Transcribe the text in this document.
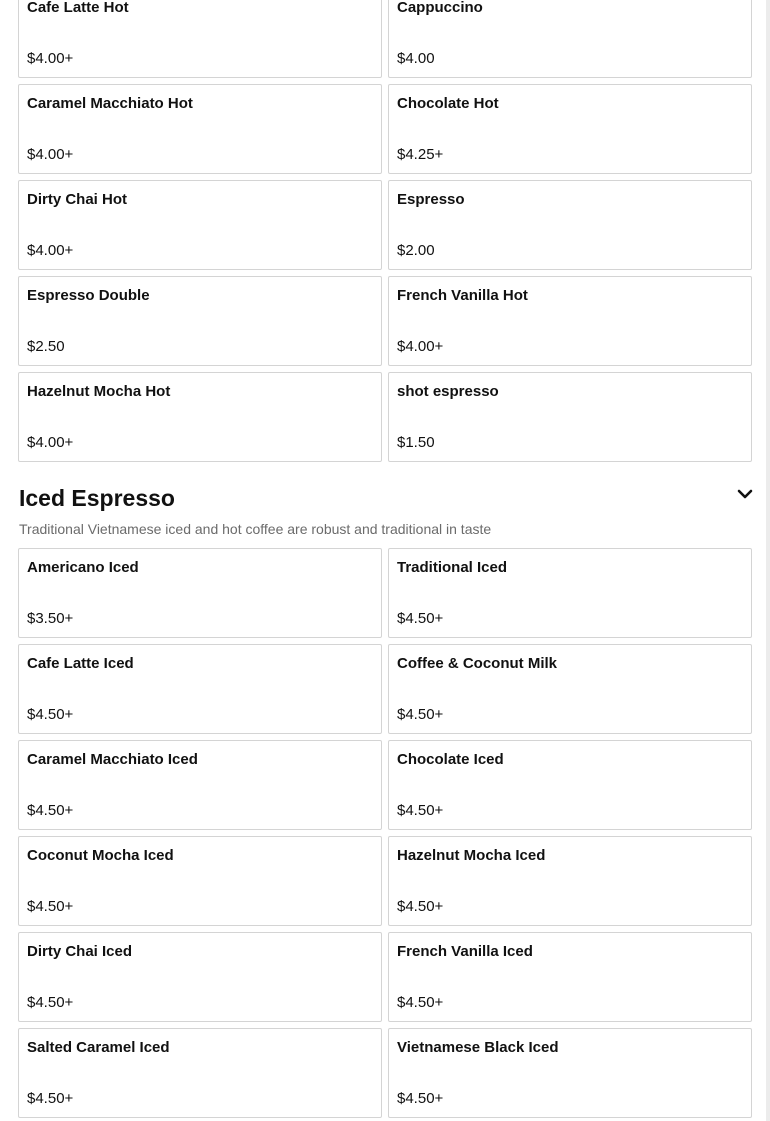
Cafe Latte Hot
$4.00+
Cappuccino
$4.00
Caramel Macchiato Hot
$4.00+
Chocolate Hot
$4.25+
Dirty Chai Hot
$4.00+
Espresso
$2.00
Espresso Double
$2.50
French Vanilla Hot
$4.00+
Hazelnut Mocha Hot
$4.00+
shot espresso
$1.50
Iced Espresso

Traditional Vietnamese iced and hot coffee are robust and traditional in taste

Americano Iced
$3.50+
Traditional Iced
$4.50+
Cafe Latte Iced
$4.50+
Coffee & Coconut Milk
$4.50+
Caramel Macchiato Iced
$4.50+
Chocolate Iced
$4.50+
Coconut Mocha Iced
$4.50+
Hazelnut Mocha Iced
$4.50+
Dirty Chai Iced
$4.50+
French Vanilla Iced
$4.50+
Salted Caramel Iced
$4.50+
Vietnamese Black Iced
$4.50+
